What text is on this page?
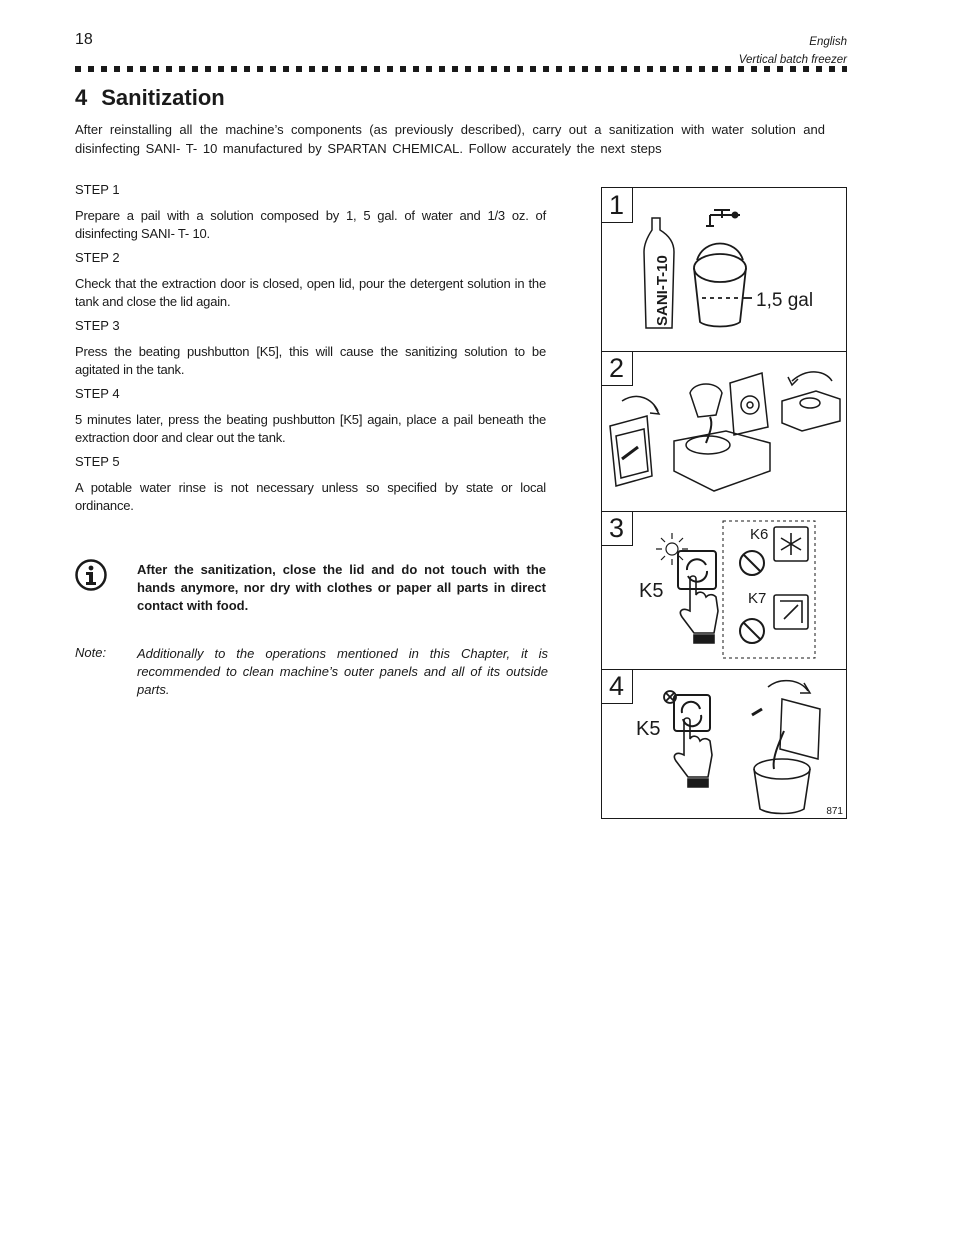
18	English
Vertical batch freezer
4 Sanitization
After reinstalling all the machine’s components (as previously described), carry out a sanitization with water solution and disinfecting SANI- T- 10 manufactured by SPARTAN CHEMICAL. Follow accurately the next steps

STEP 1

Prepare a pail with a solution composed by 1, 5 gal. of water and 1/3 oz. of disinfecting SANI- T- 10.

STEP 2

Check that the extraction door is closed, open lid, pour the detergent solution in the tank and close the lid again.

STEP 3

Press the beating pushbutton [K5], this will cause the sanitizing solution to be agitated in the tank.

STEP 4

5 minutes later, press the beating pushbutton [K5] again, place a pail beneath the extraction door and clear out the tank.

STEP 5

A potable water rinse is not necessary unless so specified by state or local ordinance.

After the sanitization, close the lid and do not touch with the hands anymore, nor dry with clothes or paper all parts in direct contact with food.
Note: Additionally to the operations mentioned in this Chapter, it is recommended to clean machine’s outer panels and all of its outside parts.
1
SANI-T-10	1,5 gal
2
3
K5
K6
K7
4
K5
871
